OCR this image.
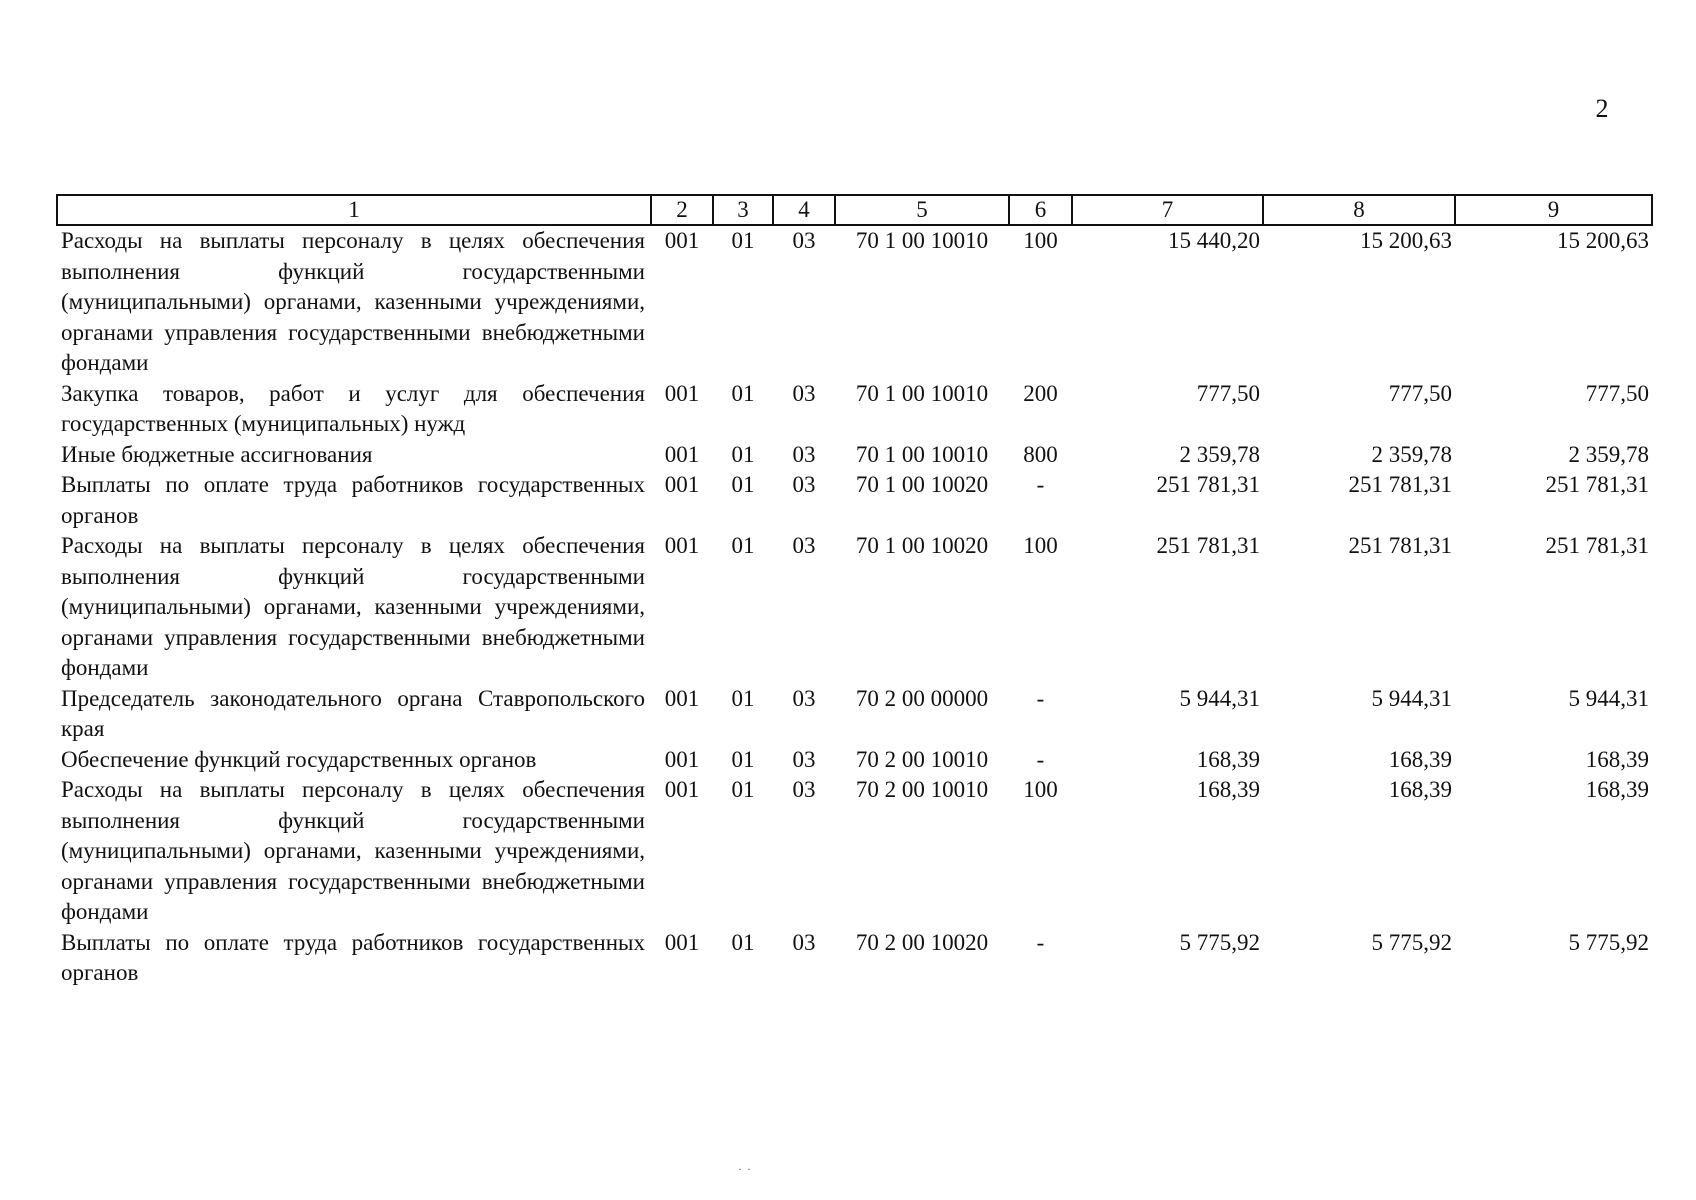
2
1	2	3	4	5	6	7	8	9
Расходы на выплаты персоналу в целях обеспечения выполнения функций государственными (муниципальными) органами, казенными учреждениями, органами управления государственными внебюджетными фондами	001	01	03	70 1 00 10010	100	15 440,20	15 200,63	15 200,63
Закупка товаров, работ и услуг для обеспечения государственных (муниципальных) нужд	001	01	03	70 1 00 10010	200	777,50	777,50	777,50
Иные бюджетные ассигнования	001	01	03	70 1 00 10010	800	2 359,78	2 359,78	2 359,78
Выплаты по оплате труда работников государственных органов	001	01	03	70 1 00 10020	-	251 781,31	251 781,31	251 781,31
Расходы на выплаты персоналу в целях обеспечения выполнения функций государственными (муниципальными) органами, казенными учреждениями, органами управления государственными внебюджетными фондами	001	01	03	70 1 00 10020	100	251 781,31	251 781,31	251 781,31
Председатель законодательного органа Ставропольского края	001	01	03	70 2 00 00000	-	5 944,31	5 944,31	5 944,31
Обеспечение функций государственных органов	001	01	03	70 2 00 10010	-	168,39	168,39	168,39
Расходы на выплаты персоналу в целях обеспечения выполнения функций государственными (муниципальными) органами, казенными учреждениями, органами управления государственными внебюджетными фондами	001	01	03	70 2 00 10010	100	168,39	168,39	168,39
Выплаты по оплате труда работников государственных органов	001	01	03	70 2 00 10020	-	5 775,92	5 775,92	5 775,92
· ·
